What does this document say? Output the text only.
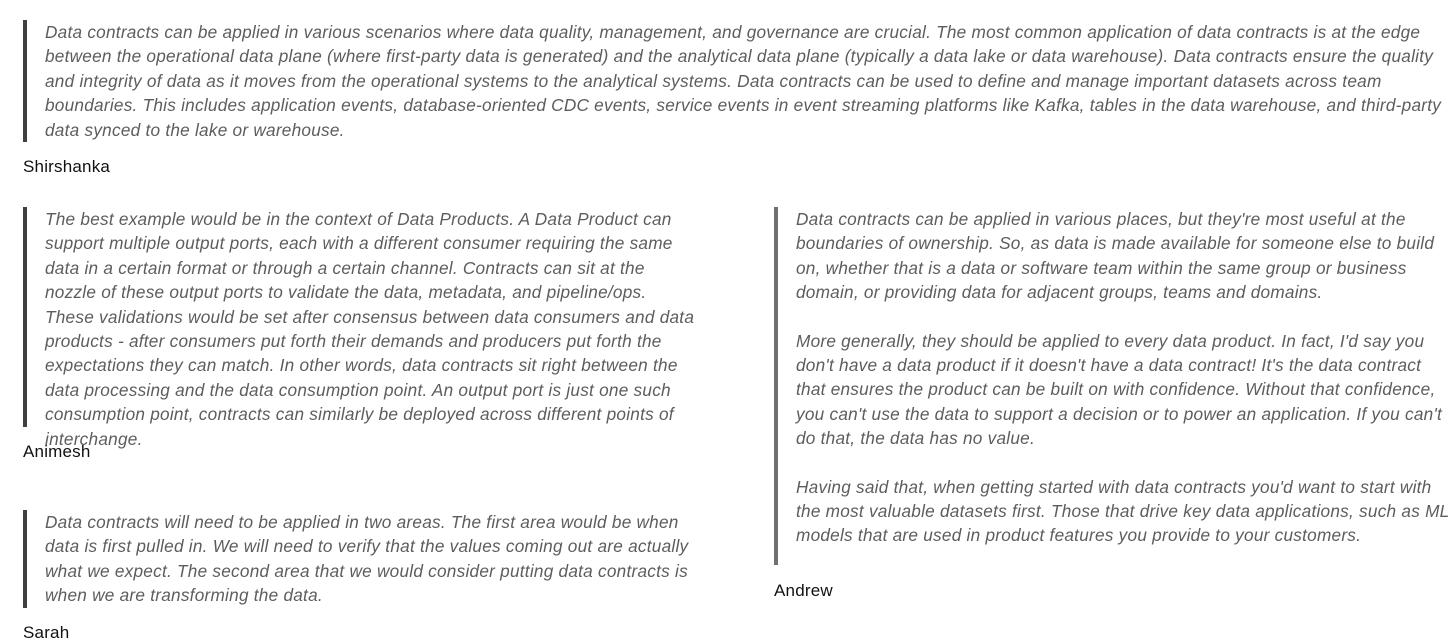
Data contracts can be applied in various scenarios where data quality, management, and governance are crucial. The most common application of data contracts is at the edge between the operational data plane (where first-party data is generated) and the analytical data plane (typically a data lake or data warehouse). Data contracts ensure the quality and integrity of data as it moves from the operational systems to the analytical systems. Data contracts can be used to define and manage important datasets across team boundaries. This includes application events, database-oriented CDC events, service events in event streaming platforms like Kafka, tables in the data warehouse, and third-party data synced to the lake or warehouse.

Shirshanka

The best example would be in the context of Data Products. A Data Product can support multiple output ports, each with a different consumer requiring the same data in a certain format or through a certain channel. Contracts can sit at the nozzle of these output ports to validate the data, metadata, and pipeline/ops. These validations would be set after consensus between data consumers and data products - after consumers put forth their demands and producers put forth the expectations they can match. In other words, data contracts sit right between the data processing and the data consumption point. An output port is just one such consumption point, contracts can similarly be deployed across different points of interchange.

Animesh

Data contracts will need to be applied in two areas. The first area would be when data is first pulled in. We will need to verify that the values coming out are actually what we expect. The second area that we would consider putting data contracts is when we are transforming the data.

Sarah

Data contracts can be applied in various places, but they're most useful at the boundaries of ownership. So, as data is made available for someone else to build on, whether that is a data or software team within the same group or business domain, or providing data for adjacent groups, teams and domains.

More generally, they should be applied to every data product. In fact, I'd say you don't have a data product if it doesn't have a data contract! It's the data contract that ensures the product can be built on with confidence. Without that confidence, you can't use the data to support a decision or to power an application. If you can't do that, the data has no value.

Having said that, when getting started with data contracts you'd want to start with the most valuable datasets first. Those that drive key data applications, such as ML models that are used in product features you provide to your customers.

Andrew
